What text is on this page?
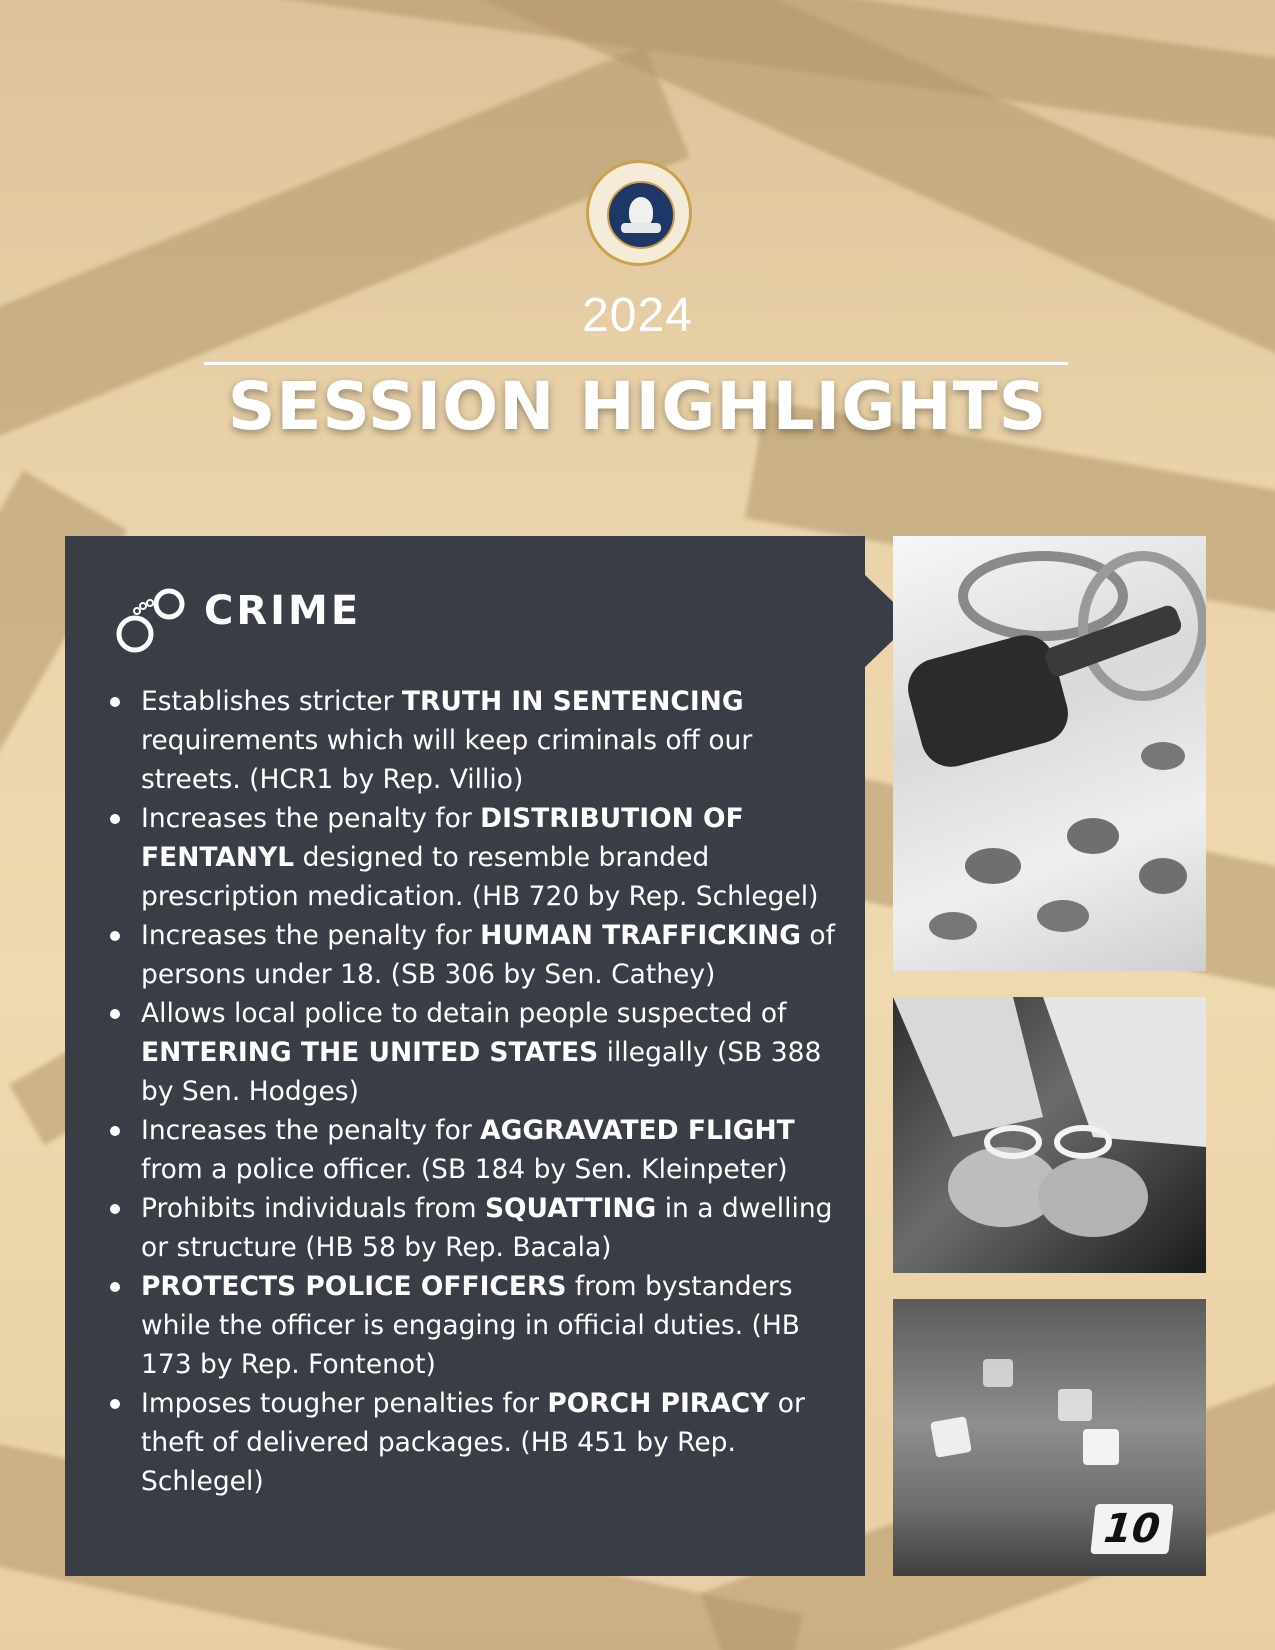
2024
SESSION HIGHLIGHTS
CRIME
Establishes stricter TRUTH IN SENTENCING requirements which will keep criminals off our streets. (HCR1 by Rep. Villio)
Increases the penalty for DISTRIBUTION OF FENTANYL designed to resemble branded prescription medication. (HB 720 by Rep. Schlegel)
Increases the penalty for HUMAN TRAFFICKING of persons under 18. (SB 306 by Sen. Cathey)
Allows local police to detain people suspected of ENTERING THE UNITED STATES illegally (SB 388 by Sen. Hodges)
Increases the penalty for AGGRAVATED FLIGHT from a police officer. (SB 184 by Sen. Kleinpeter)
Prohibits individuals from SQUATTING in a dwelling or structure (HB 58 by Rep. Bacala)
PROTECTS POLICE OFFICERS from bystanders while the officer is engaging in official duties. (HB 173 by Rep. Fontenot)
Imposes tougher penalties for PORCH PIRACY or theft of delivered packages. (HB 451 by Rep. Schlegel)
10
